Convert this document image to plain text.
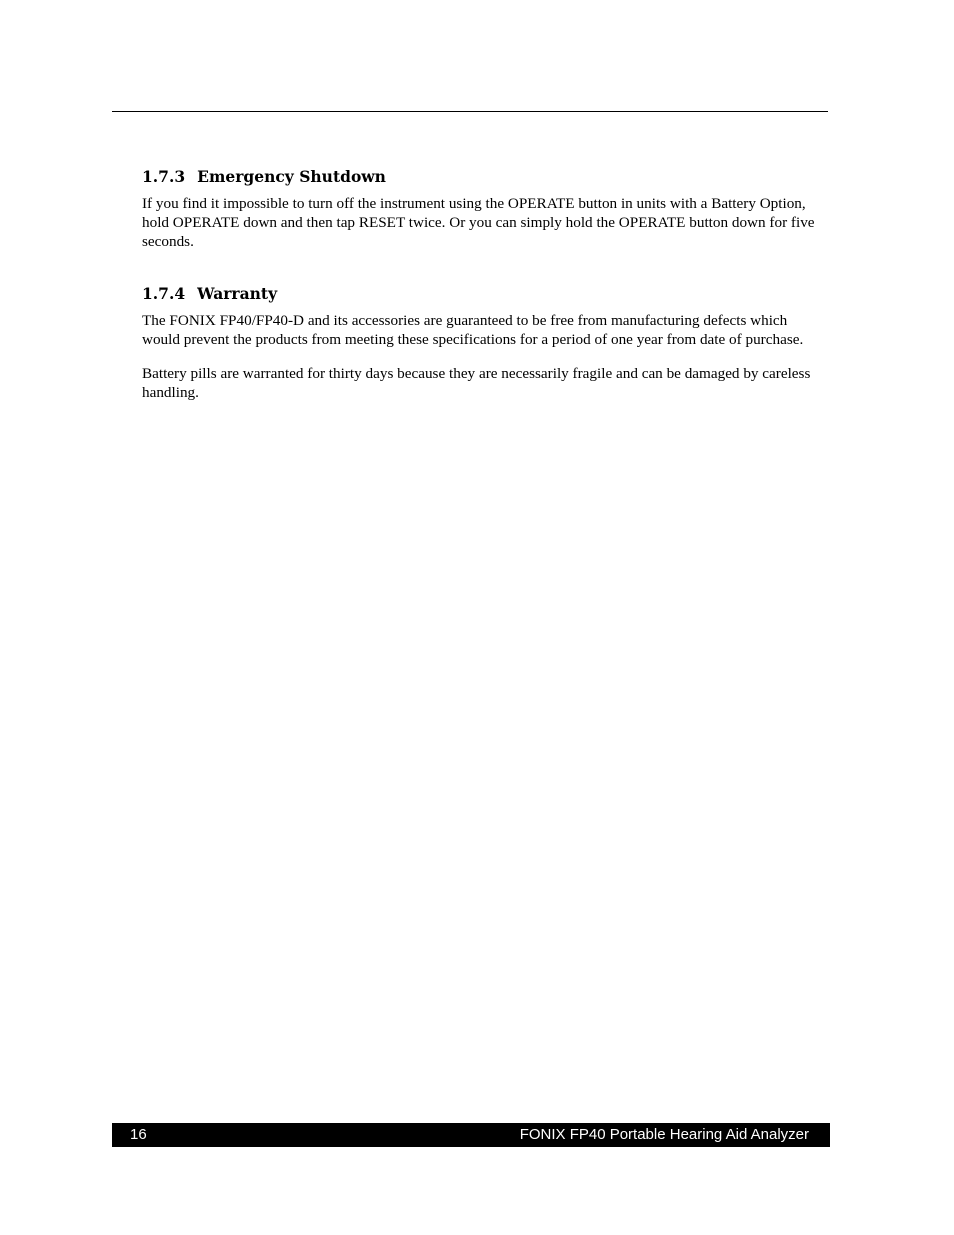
1.7.3 Emergency Shutdown

If you find it impossible to turn off the instrument using the OPERATE button in units with a Battery Option, hold OPERATE down and then tap RESET twice. Or you can simply hold the OPERATE button down for five seconds.

1.7.4 Warranty

The FONIX FP40/FP40-D and its accessories are guaranteed to be free from manufacturing defects which would prevent the products from meeting these specifications for a period of one year from date of purchase.

Battery pills are warranted for thirty days because they are necessarily fragile and can be damaged by careless handling.

16	FONIX FP40 Portable Hearing Aid Analyzer
